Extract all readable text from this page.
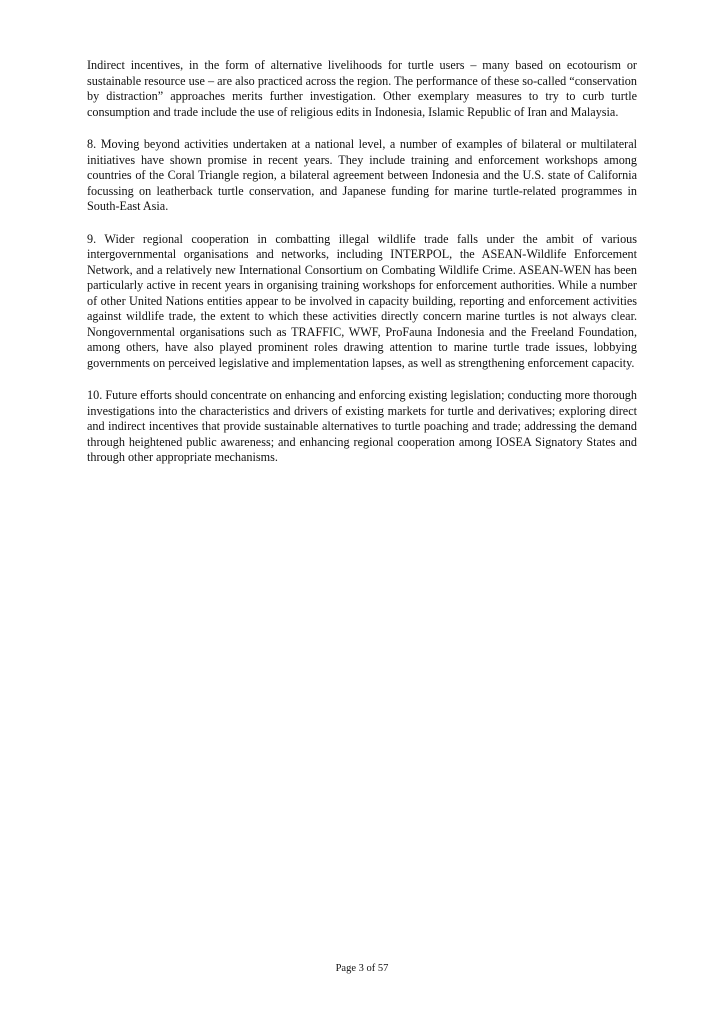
Indirect incentives, in the form of alternative livelihoods for turtle users – many based on ecotourism or sustainable resource use – are also practiced across the region. The performance of these so-called “conservation by distraction” approaches merits further investigation. Other exemplary measures to try to curb turtle consumption and trade include the use of religious edits in Indonesia, Islamic Republic of Iran and Malaysia.

8. Moving beyond activities undertaken at a national level, a number of examples of bilateral or multilateral initiatives have shown promise in recent years. They include training and enforcement workshops among countries of the Coral Triangle region, a bilateral agreement between Indonesia and the U.S. state of California focussing on leatherback turtle conservation, and Japanese funding for marine turtle-related programmes in South-East Asia.

9. Wider regional cooperation in combatting illegal wildlife trade falls under the ambit of various intergovernmental organisations and networks, including INTERPOL, the ASEAN-Wildlife Enforcement Network, and a relatively new International Consortium on Combating Wildlife Crime. ASEAN-WEN has been particularly active in recent years in organising training workshops for enforcement authorities. While a number of other United Nations entities appear to be involved in capacity building, reporting and enforcement activities against wildlife trade, the extent to which these activities directly concern marine turtles is not always clear. Nongovernmental organisations such as TRAFFIC, WWF, ProFauna Indonesia and the Freeland Foundation, among others, have also played prominent roles drawing attention to marine turtle trade issues, lobbying governments on perceived legislative and implementation lapses, as well as strengthening enforcement capacity.

10. Future efforts should concentrate on enhancing and enforcing existing legislation; conducting more thorough investigations into the characteristics and drivers of existing markets for turtle and derivatives; exploring direct and indirect incentives that provide sustainable alternatives to turtle poaching and trade; addressing the demand through heightened public awareness; and enhancing regional cooperation among IOSEA Signatory States and through other appropriate mechanisms.

Page 3 of 57
